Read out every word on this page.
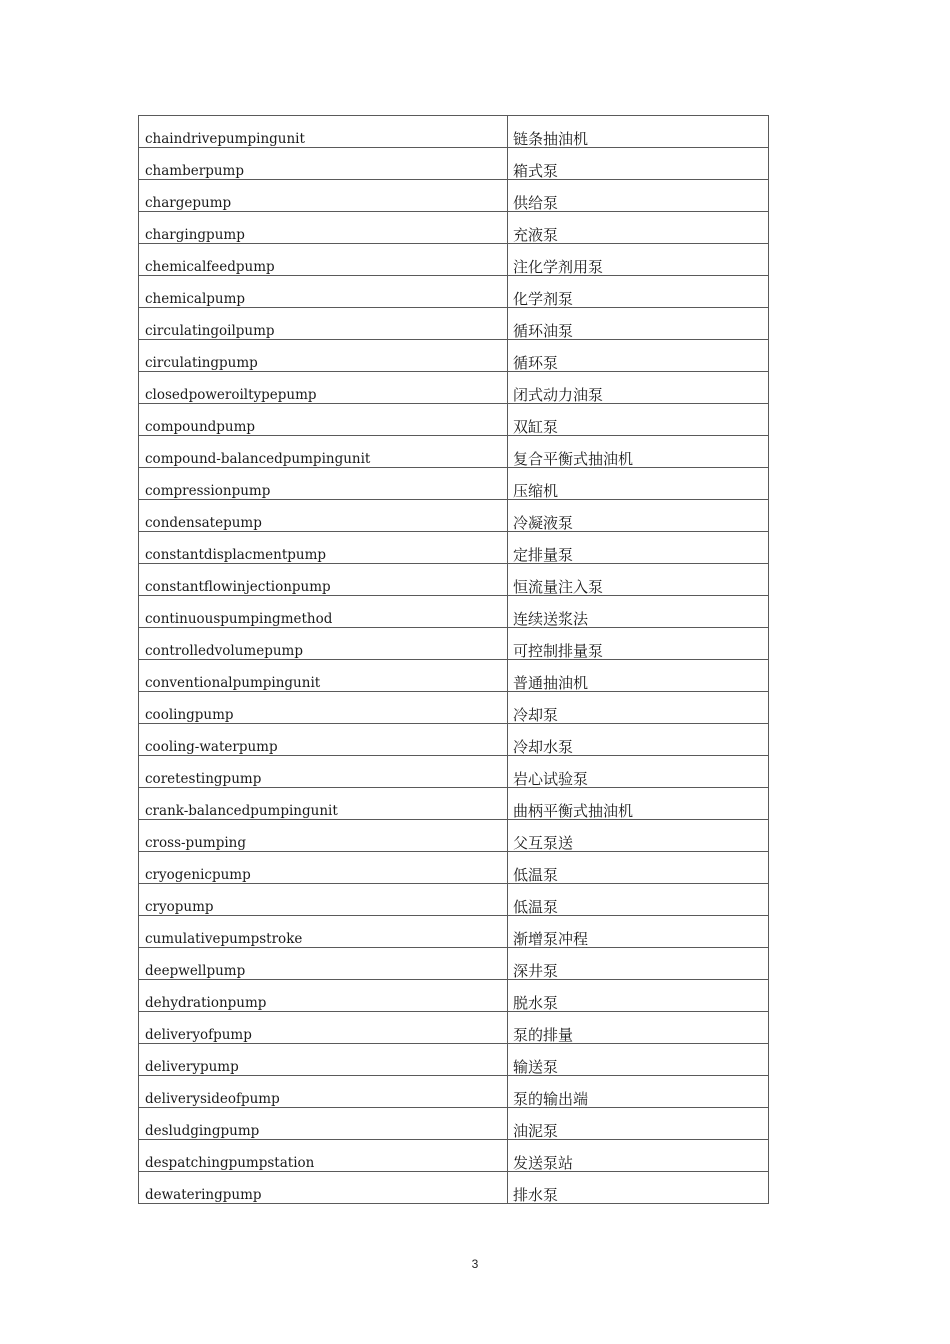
chaindrivepumpingunit	链条抽油机
chamberpump	箱式泵
chargepump	供给泵
chargingpump	充液泵
chemicalfeedpump	注化学剂用泵
chemicalpump	化学剂泵
circulatingoilpump	循环油泵
circulatingpump	循环泵
closedpoweroiltypepump	闭式动力油泵
compoundpump	双缸泵
compound-balancedpumpingunit	复合平衡式抽油机
compressionpump	压缩机
condensatepump	冷凝液泵
constantdisplacmentpump	定排量泵
constantflowinjectionpump	恒流量注入泵
continuouspumpingmethod	连续送浆法
controlledvolumepump	可控制排量泵
conventionalpumpingunit	普通抽油机
coolingpump	冷却泵
cooling-waterpump	冷却水泵
coretestingpump	岩心试验泵
crank-balancedpumpingunit	曲柄平衡式抽油机
cross-pumping	父互泵送
cryogenicpump	低温泵
cryopump	低温泵
cumulativepumpstroke	渐增泵冲程
deepwellpump	深井泵
dehydrationpump	脱水泵
deliveryofpump	泵的排量
deliverypump	输送泵
deliverysideofpump	泵的输出端
desludgingpump	油泥泵
despatchingpumpstation	发送泵站
dewateringpump	排水泵
3
